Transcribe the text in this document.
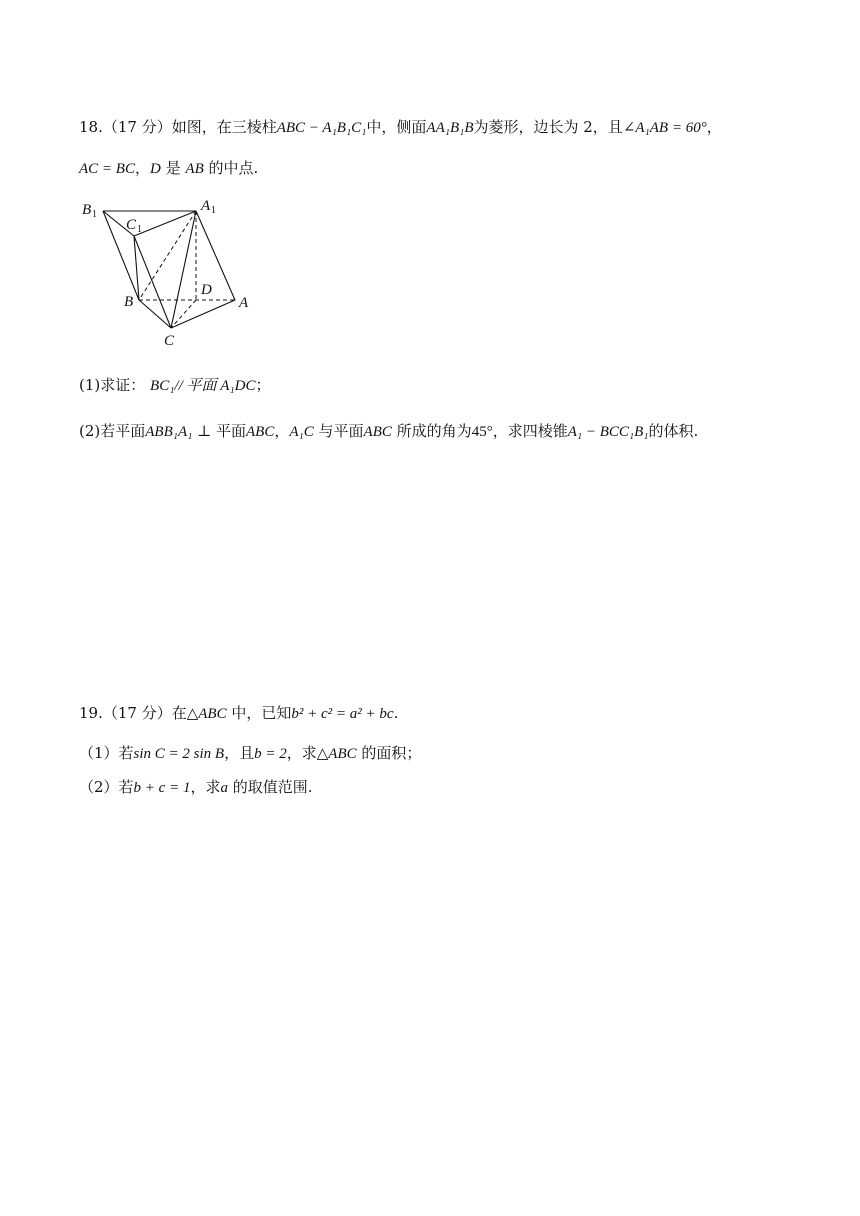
18.（17 分）如图，在三棱柱ABC − A₁B₁C₁中，侧面AA₁B₁B为菱形，边长为 2，且∠A₁AB = 60°，
AC = BC，D 是 AB 的中点.
B 1
C 1
A 1
D
B	A
C
(1)求证： BC₁// 平面 A₁DC；
(2)若平面ABB₁A₁ ⊥ 平面ABC，A₁C 与平面ABC 所成的角为45°，求四棱锥A₁ − BCC₁B₁的体积.
19.（17 分）在△ABC 中，已知b² + c² = a² + bc.
（1）若sin C = 2 sin B，且b = 2，求△ABC 的面积；
（2）若b + c = 1，求a 的取值范围.
